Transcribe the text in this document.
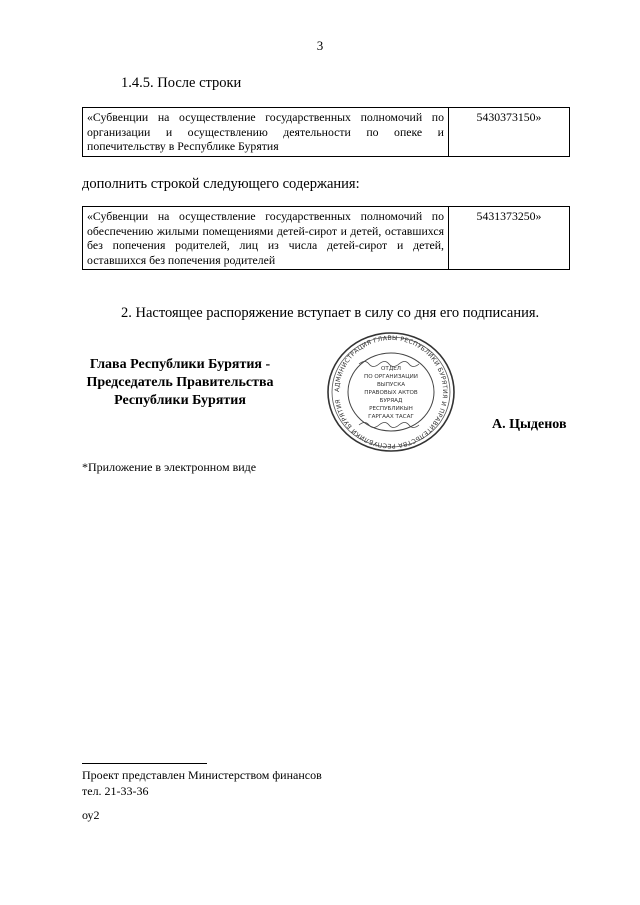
3
1.4.5. После строки
«Субвенции на осуществление государственных полномочий по организации и осуществлению деятельности по опеке и попечительству в Республике Бурятия	5430373150»
дополнить строкой следующего содержания:
«Субвенции на осуществление государственных полномочий по обеспечению жилыми помещениями детей-сирот и детей, оставшихся без попечения родителей, лиц из числа детей-сирот и детей, оставшихся без попечения родителей	5431373250»
2. Настоящее распоряжение вступает в силу со дня его подписания.
Глава Республики Бурятия -
Председатель Правительства
Республики Бурятия
АДМИНИСТРАЦИЯ ГЛАВЫ РЕСПУБЛИКИ БУРЯТИЯ И ПРАВИТЕЛЬСТВА РЕСПУБЛИКИ БУРЯТИЯ
ОТДЕЛ
ПО ОРГАНИЗАЦИИ
ВЫПУСКА
ПРАВОВЫХ АКТОВ
БУРЯАД
РЕСПУБЛИКЫН
ГАРГААХ ТАСАГ	А. Цыденов
*Приложение в электронном виде
Проект представлен Министерством финансов
тел. 21-33-36
оу2
